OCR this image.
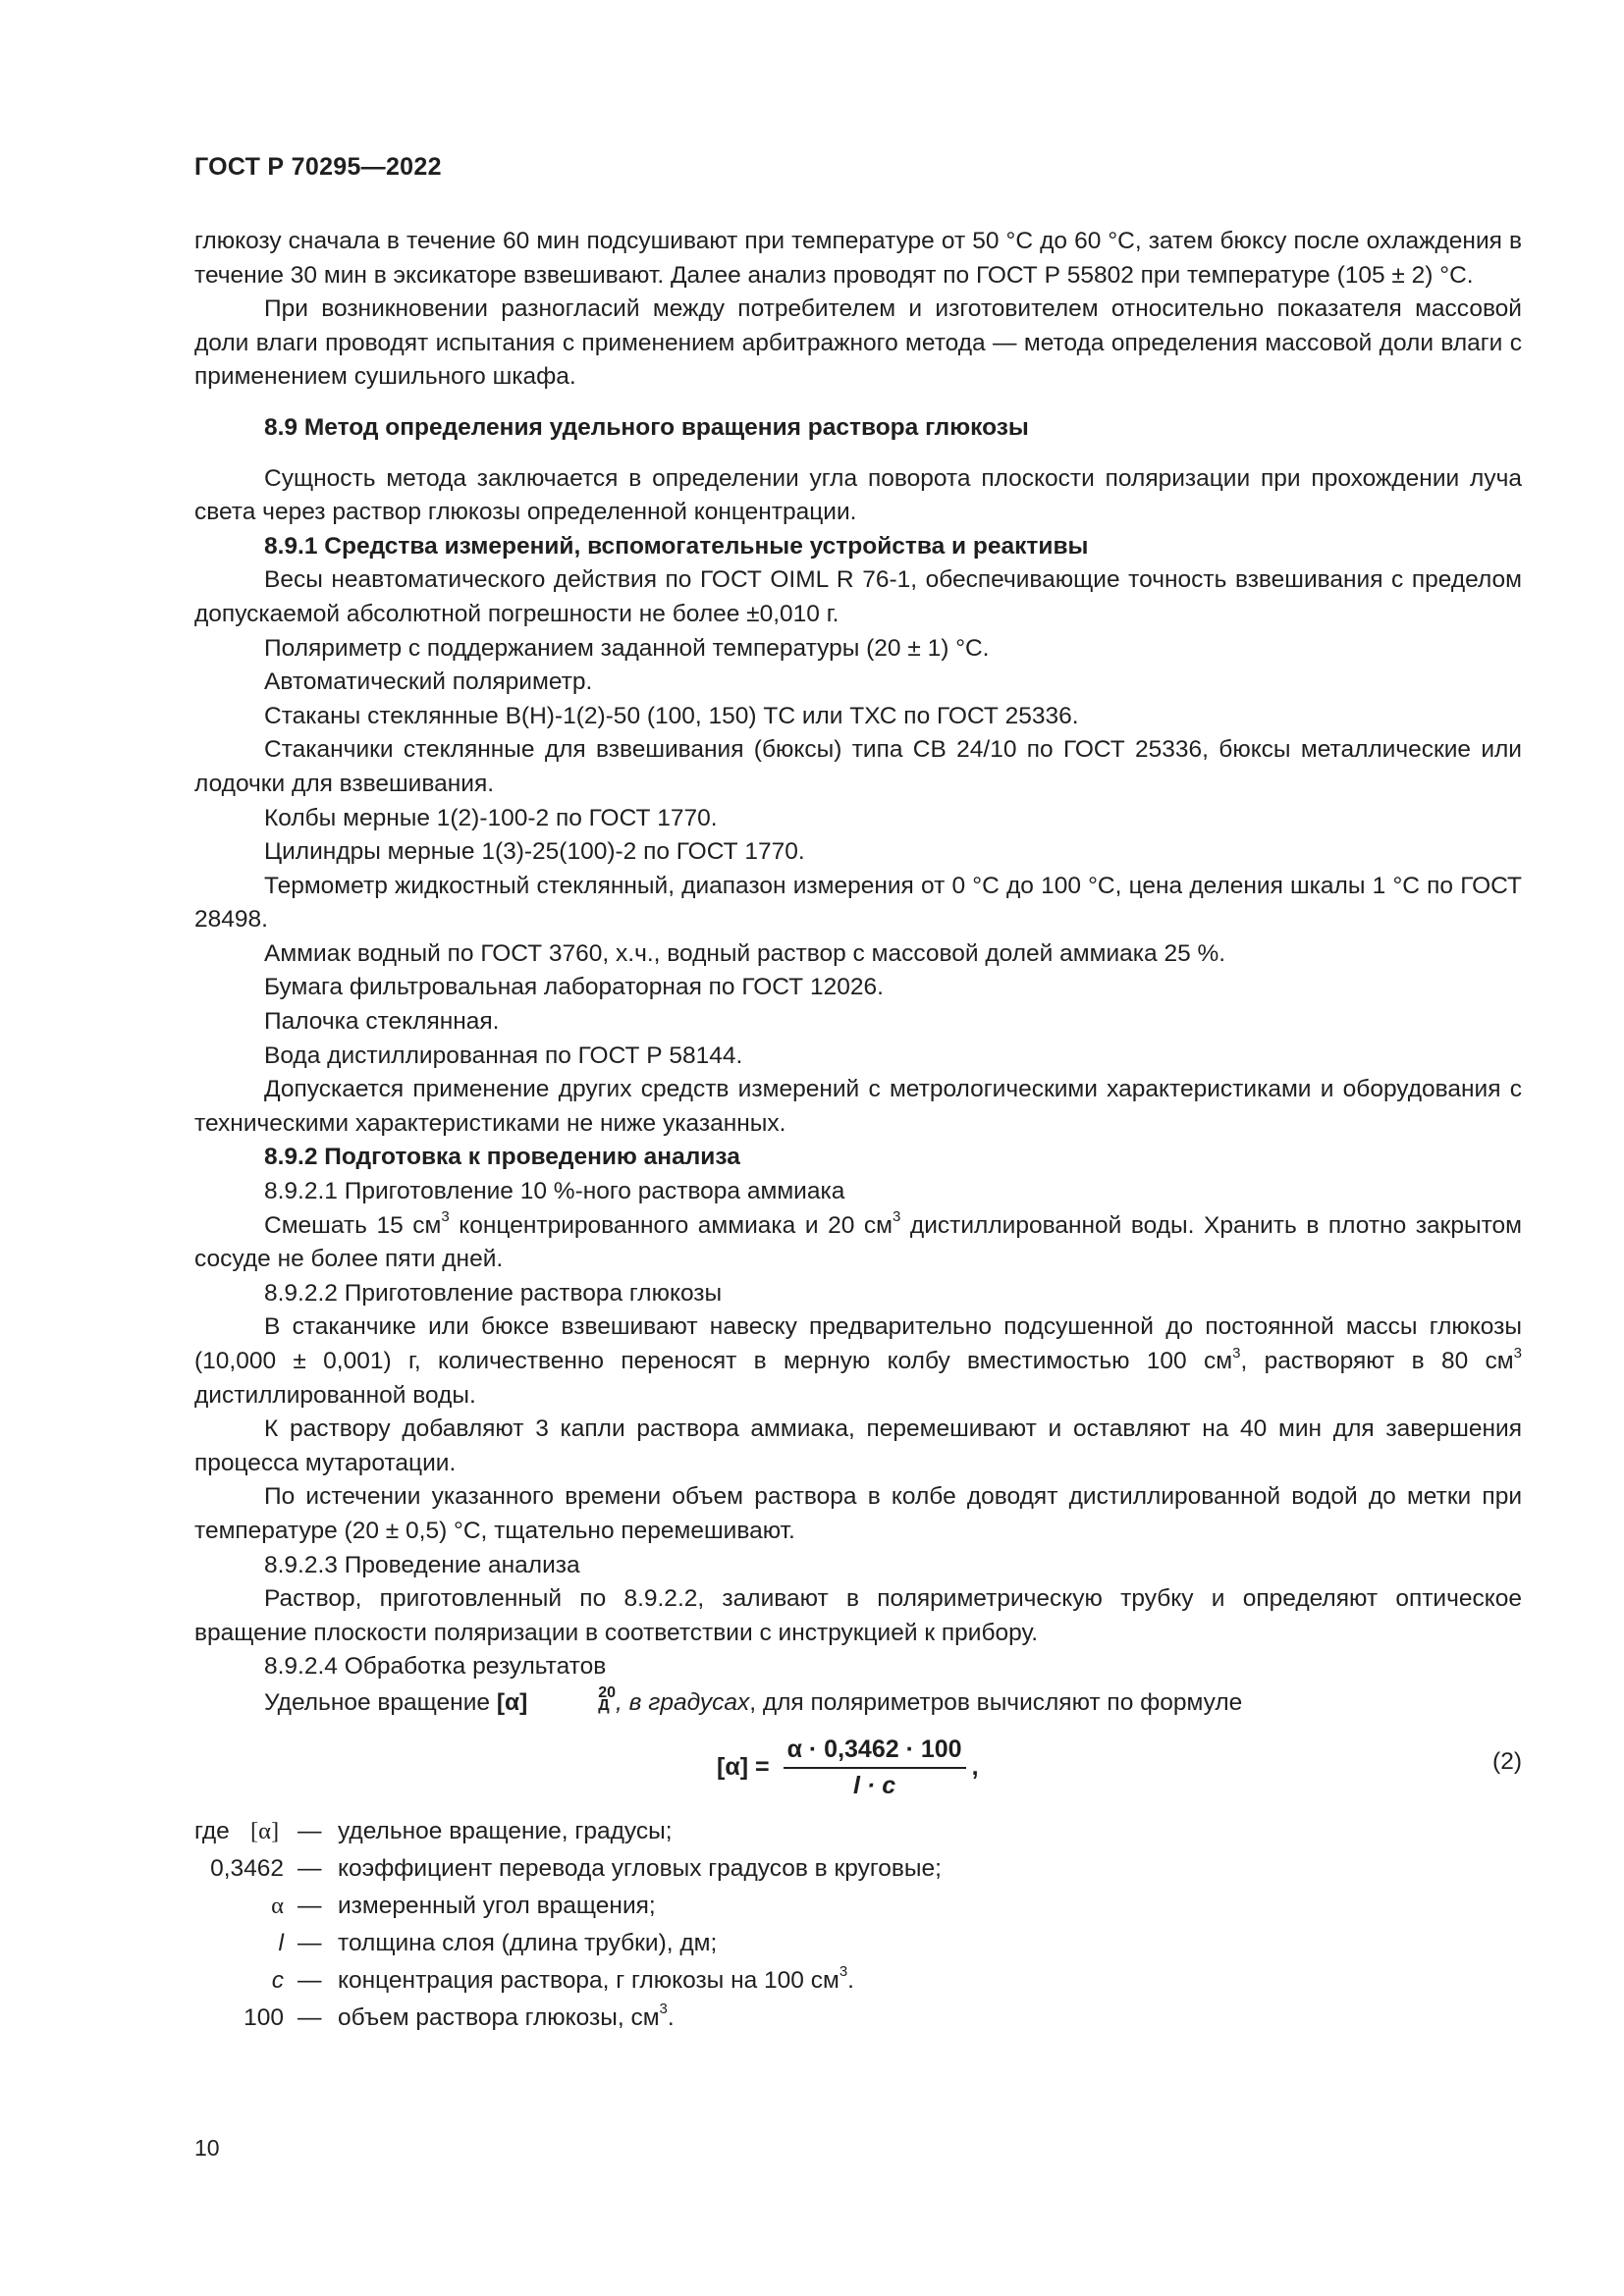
ГОСТ Р 70295—2022

глюкозу сначала в течение 60 мин подсушивают при температуре от 50 °C до 60 °C, затем бюксу после охлаждения в течение 30 мин в эксикаторе взвешивают. Далее анализ проводят по ГОСТ Р 55802 при температуре (105 ± 2) °С.

При возникновении разногласий между потребителем и изготовителем относительно показателя массовой доли влаги проводят испытания с применением арбитражного метода — метода определения массовой доли влаги с применением сушильного шкафа.

8.9 Метод определения удельного вращения раствора глюкозы

Сущность метода заключается в определении угла поворота плоскости поляризации при прохождении луча света через раствор глюкозы определенной концентрации.

8.9.1 Средства измерений, вспомогательные устройства и реактивы

Весы неавтоматического действия по ГОСТ OIML R 76-1, обеспечивающие точность взвешивания с пределом допускаемой абсолютной погрешности не более ±0,010 г.

Поляриметр с поддержанием заданной температуры (20 ± 1) °С.

Автоматический поляриметр.

Стаканы стеклянные В(Н)-1(2)-50 (100, 150) ТС или ТХС по ГОСТ 25336.

Стаканчики стеклянные для взвешивания (бюксы) типа СВ 24/10 по ГОСТ 25336, бюксы металлические или лодочки для взвешивания.

Колбы мерные 1(2)-100-2 по ГОСТ 1770.

Цилиндры мерные 1(3)-25(100)-2 по ГОСТ 1770.

Термометр жидкостный стеклянный, диапазон измерения от 0 °С до 100 °С, цена деления шкалы 1 °С по ГОСТ 28498.

Аммиак водный по ГОСТ 3760, х.ч., водный раствор с массовой долей аммиака 25 %.

Бумага фильтровальная лабораторная по ГОСТ 12026.

Палочка стеклянная.

Вода дистиллированная по ГОСТ Р 58144.

Допускается применение других средств измерений с метрологическими характеристиками и оборудования с техническими характеристиками не ниже указанных.

8.9.2 Подготовка к проведению анализа

8.9.2.1 Приготовление 10 %-ного раствора аммиака

Смешать 15 $см^3$ концентрированного аммиака и 20 $см^3$ дистиллированной воды. Хранить в плотно закрытом сосуде не более пяти дней.

8.9.2.2 Приготовление раствора глюкозы

В стаканчике или бюксе взвешивают навеску предварительно подсушенной до постоянной массы глюкозы (10,000 ± 0,001) г, количественно переносят в мерную колбу вместимостью 100 $см^3$, растворяют в 80 $см^3$ дистиллированной воды.

К раствору добавляют 3 капли раствора аммиака, перемешивают и оставляют на 40 мин для завершения процесса мутаротации.

По истечении указанного времени объем раствора в колбе доводят дистиллированной водой до метки при температуре (20 ± 0,5) °С, тщательно перемешивают.

8.9.2.3 Проведение анализа

Раствор, приготовленный по 8.9.2.2, заливают в поляриметрическую трубку и определяют оптическое вращение плоскости поляризации в соответствии с инструкцией к прибору.

8.9.2.4 Обработка результатов

Удельное вращение [α]	20
Д , в градусах, для поляриметров вычисляют по формуле

$[\alpha] = \frac{\alpha \cdot 0,3462 \cdot 100}{l \cdot c}$ ,	(2)
где [α] — удельное вращение, градусы;
0,3462 — коэффициент перевода угловых градусов в круговые;
α — измеренный угол вращения;
l — толщина слоя (длина трубки), дм;
c — концентрация раствора, г глюкозы на 100 $см^3$.
100 — объем раствора глюкозы, $см^3$.
10
